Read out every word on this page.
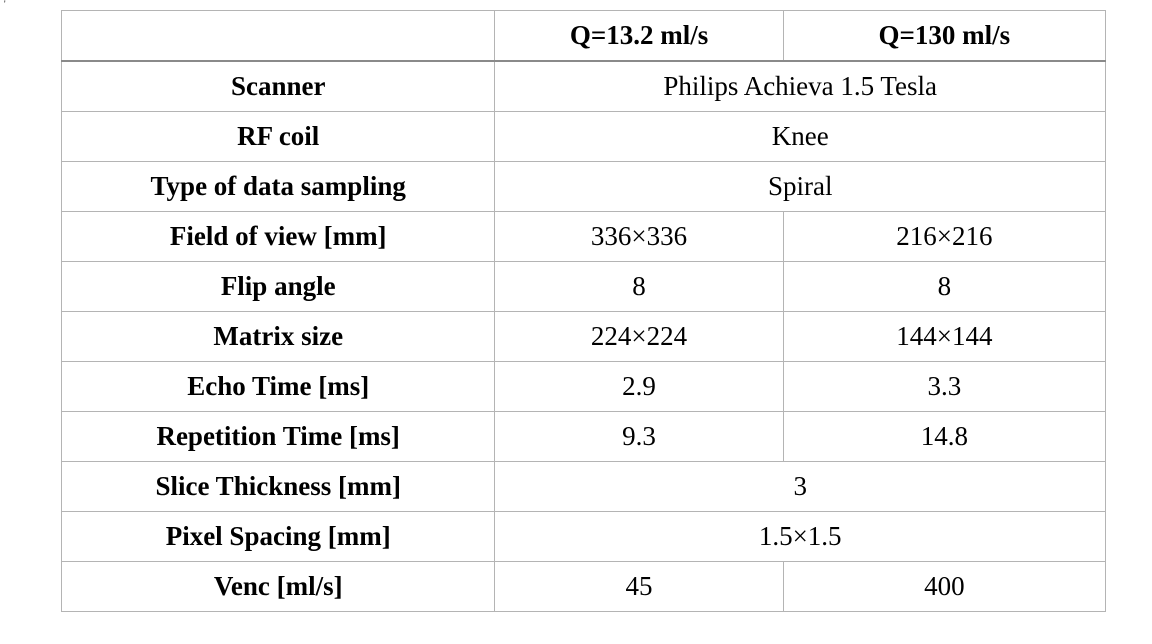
'
	Q=13.2 ml/s	Q=130 ml/s
Scanner	Philips Achieva 1.5 Tesla	
RF coil	Knee	
Type of data sampling	Spiral	
Field of view [mm]	336×336	216×216
Flip angle	8	8
Matrix size	224×224	144×144
Echo Time [ms]	2.9	3.3
Repetition Time [ms]	9.3	14.8
Slice Thickness [mm]	3	
Pixel Spacing [mm]	1.5×1.5	
Venc [ml/s]	45	400
